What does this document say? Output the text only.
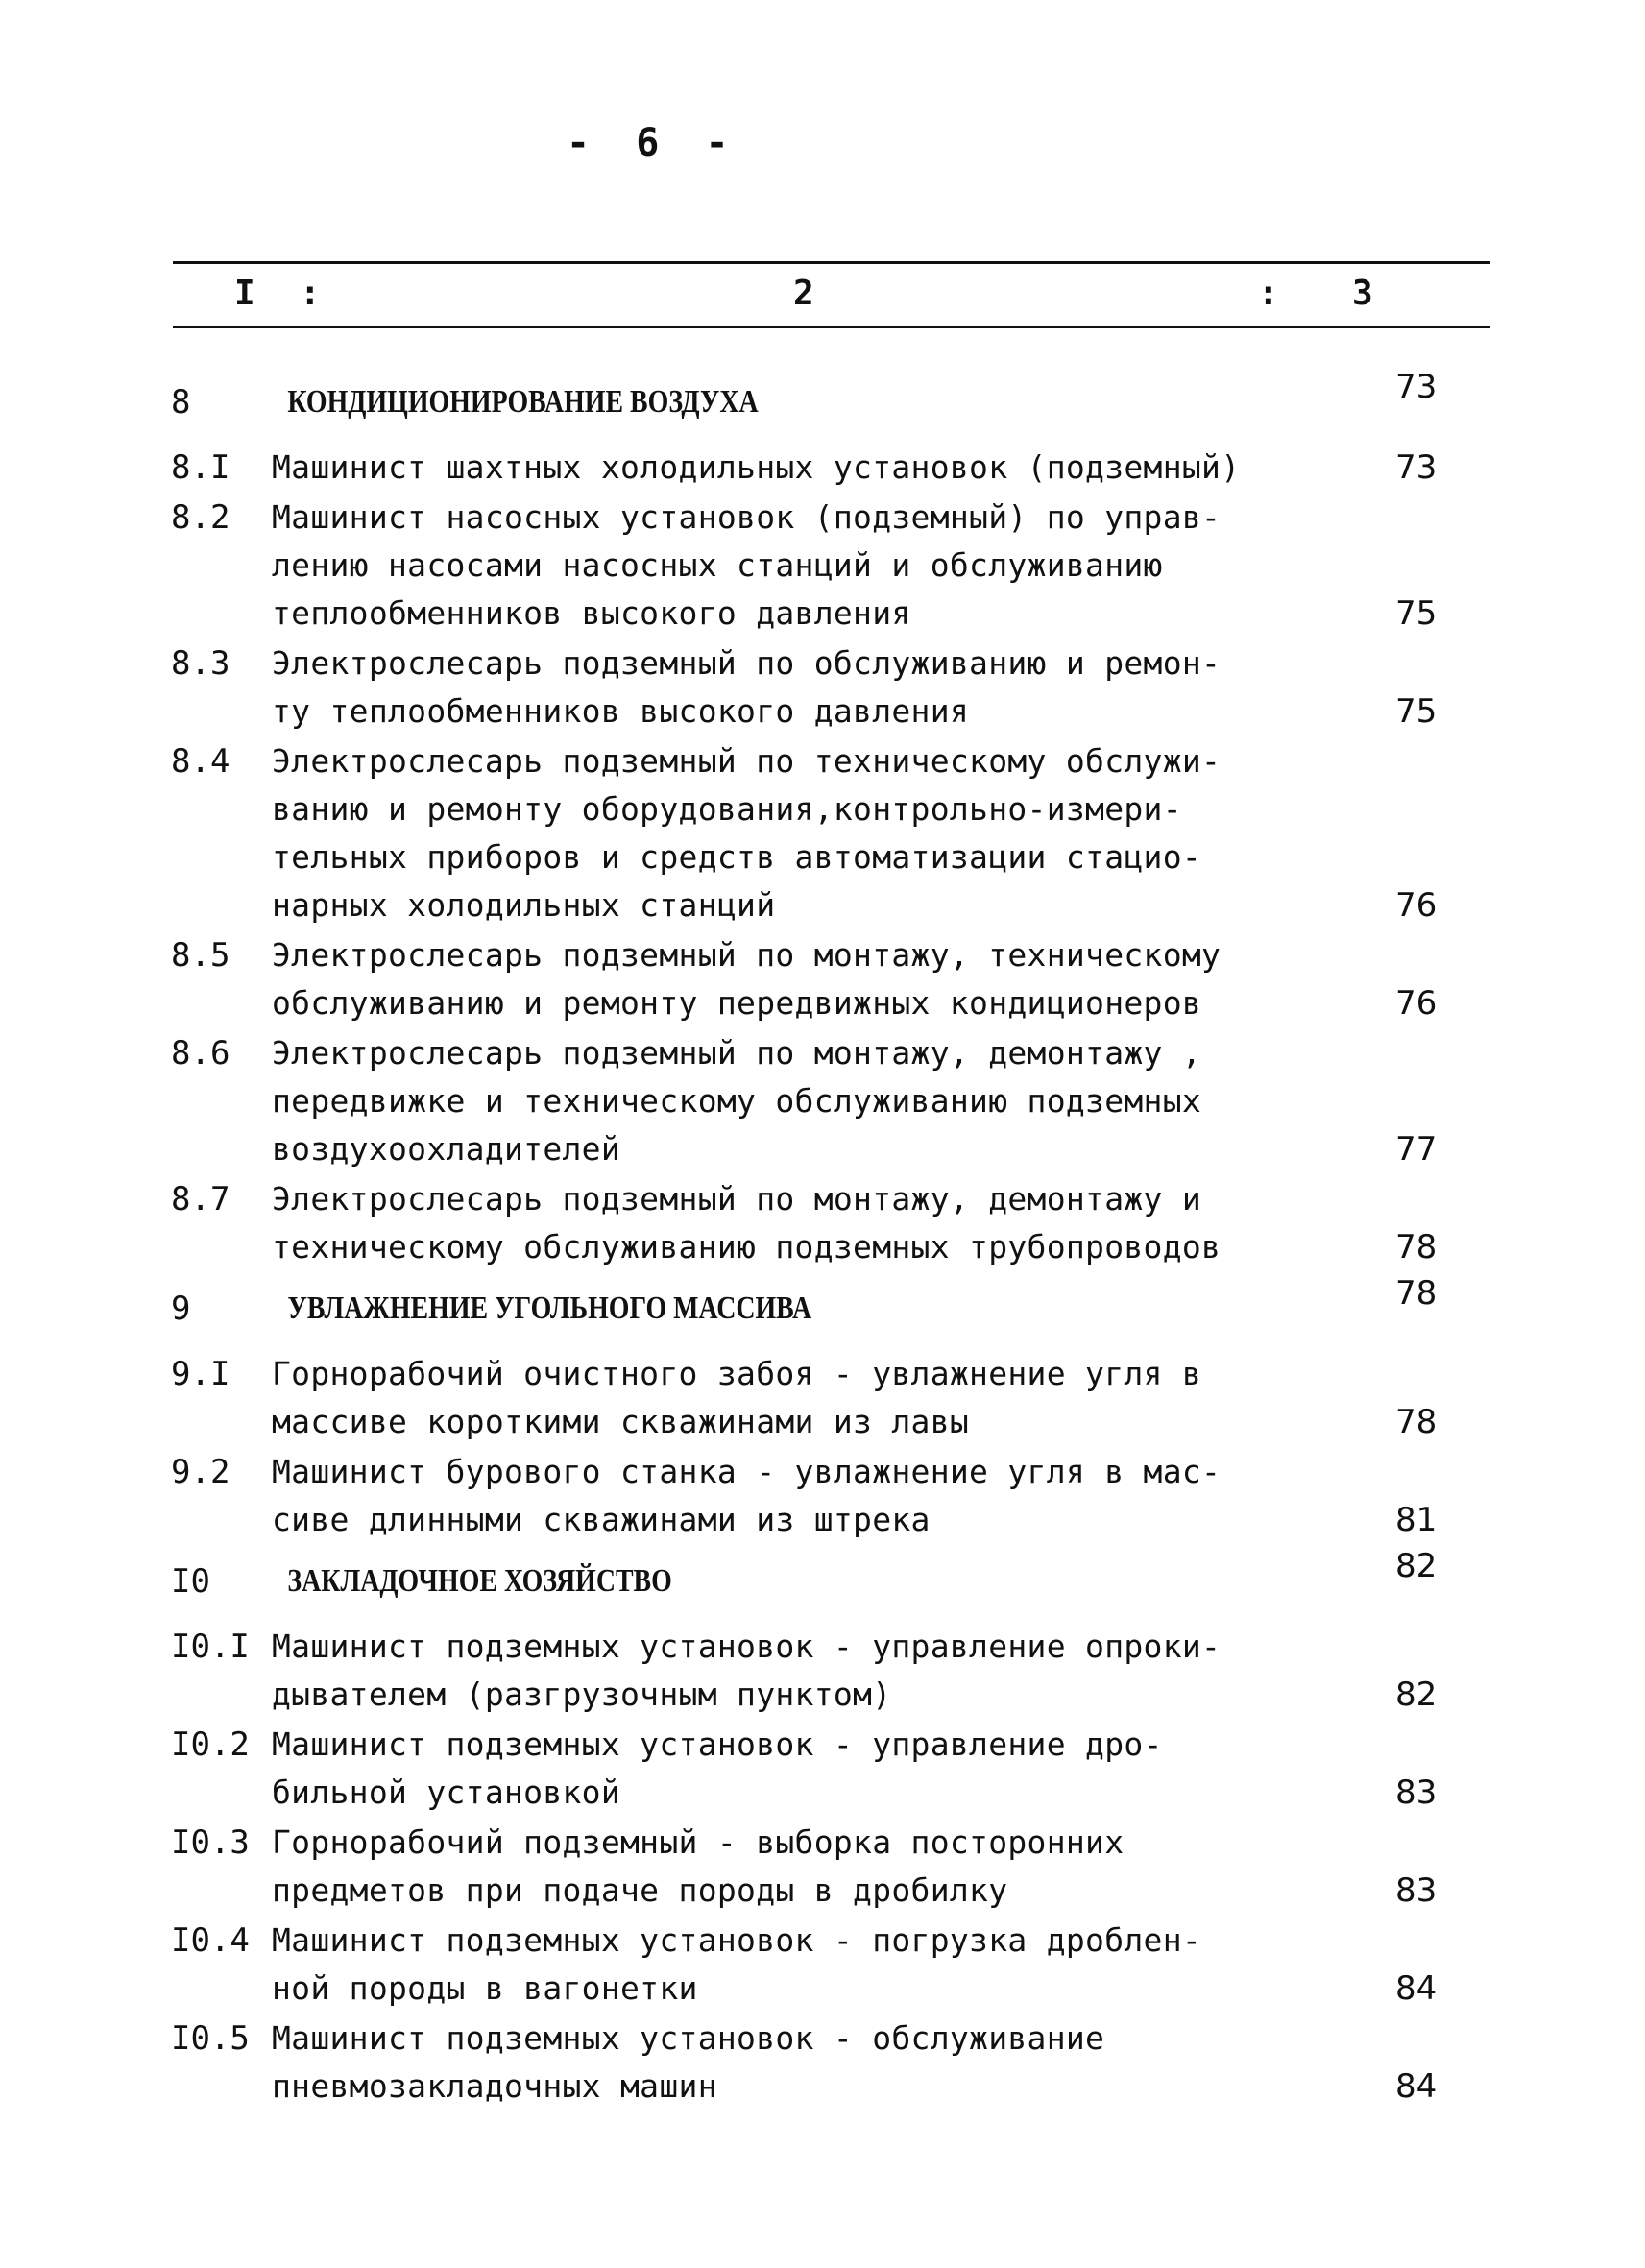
-  6  -
I :	2	: 3
8	КОНДИЦИОНИРОВАНИЕ ВОЗДУХА	73
8.I	Машинист шахтных холодильных установок (подземный)	73
8.2	Машинист насосных установок (подземный) по управ-
лению насосами насосных станций и обслуживанию
теплообменников высокого давления	75
8.3	Электрослесарь подземный по обслуживанию и ремон-
ту теплообменников высокого давления	75
8.4	Электрослесарь подземный по техническому обслужи-
ванию и ремонту оборудования,контрольно-измери-
тельных приборов и средств автоматизации стацио-
нарных холодильных станций	76
8.5	Электрослесарь подземный по монтажу, техническому
обслуживанию и ремонту передвижных кондиционеров	76
8.6	Электрослесарь подземный по монтажу, демонтажу ,
передвижке и техническому обслуживанию подземных
воздухоохладителей	77
8.7	Электрослесарь подземный по монтажу, демонтажу и
техническому обслуживанию подземных трубопроводов	78
9	УВЛАЖНЕНИЕ УГОЛЬНОГО МАССИВА	78
9.I	Горнорабочий очистного забоя - увлажнение угля в
массиве короткими скважинами из лавы	78
9.2	Машинист бурового станка - увлажнение угля в мас-
сиве длинными скважинами из штрека	81
I0	ЗАКЛАДОЧНОЕ ХОЗЯЙСТВО	82
I0.I Машинист подземных установок - управление опроки-
дывателем (разгрузочным пунктом)	82
I0.2 Машинист подземных установок - управление дро-
бильной установкой	83
I0.3 Горнорабочий подземный - выборка посторонних
предметов при подаче породы в дробилку	83
I0.4 Машинист подземных установок - погрузка дроблен-
ной породы в вагонетки	84
I0.5 Машинист подземных установок - обслуживание
пневмозакладочных машин	84
